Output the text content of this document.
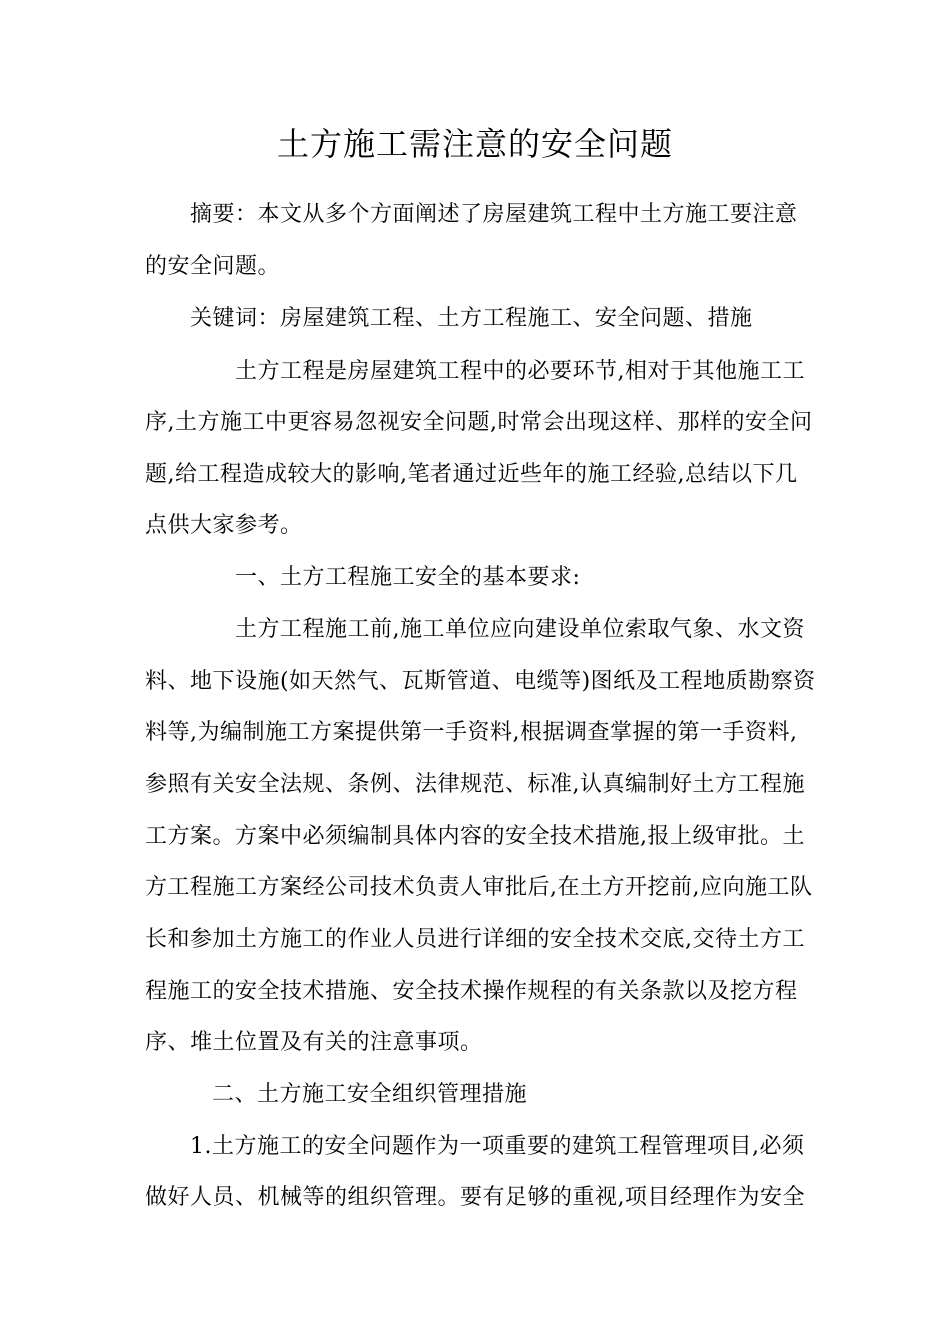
土方施工需注意的安全问题
摘要：本文从多个方面阐述了房屋建筑工程中土方施工要注意
的安全问题。
关键词：房屋建筑工程、土方工程施工、安全问题、措施
土方工程是房屋建筑工程中的必要环节,相对于其他施工工
序,土方施工中更容易忽视安全问题,时常会出现这样、那样的安全问
题,给工程造成较大的影响,笔者通过近些年的施工经验,总结以下几
点供大家参考。
一、土方工程施工安全的基本要求:
土方工程施工前,施工单位应向建设单位索取气象、水文资
料、地下设施(如天然气、瓦斯管道、电缆等)图纸及工程地质勘察资
料等,为编制施工方案提供第一手资料,根据调查掌握的第一手资料,
参照有关安全法规、条例、法律规范、标准,认真编制好土方工程施
工方案。方案中必须编制具体内容的安全技术措施,报上级审批。土
方工程施工方案经公司技术负责人审批后,在土方开挖前,应向施工队
长和参加土方施工的作业人员进行详细的安全技术交底,交待土方工
程施工的安全技术措施、安全技术操作规程的有关条款以及挖方程
序、堆土位置及有关的注意事项。
二、土方施工安全组织管理措施
1.土方施工的安全问题作为一项重要的建筑工程管理项目,必须
做好人员、机械等的组织管理。要有足够的重视,项目经理作为安全
